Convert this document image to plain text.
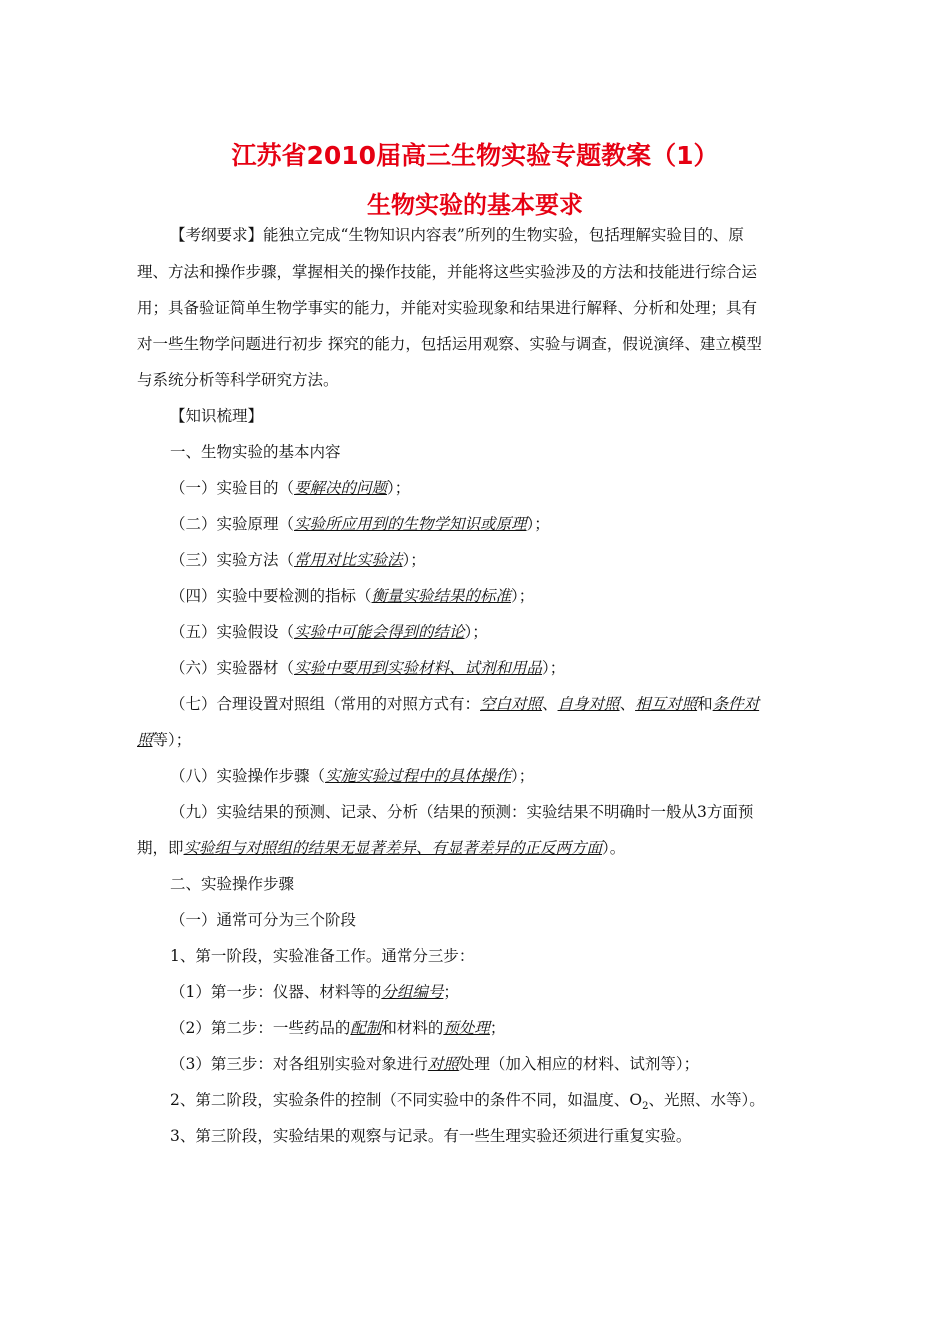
江苏省2010届高三生物实验专题教案（1）
生物实验的基本要求
【考纲要求】能独立完成“生物知识内容表”所列的生物实验，包括理解实验目的、原
理、方法和操作步骤，掌握相关的操作技能，并能将这些实验涉及的方法和技能进行综合运
用；具备验证简单生物学事实的能力，并能对实验现象和结果进行解释、分析和处理；具有
对一些生物学问题进行初步 探究的能力，包括运用观察、实验与调查，假说演绎、建立模型
与系统分析等科学研究方法。
【知识梳理】
一、生物实验的基本内容
（一）实验目的（要解决的问题）；
（二）实验原理（实验所应用到的生物学知识或原理）；
（三）实验方法（常用对比实验法）；
（四）实验中要检测的指标（衡量实验结果的标准）；
（五）实验假设（实验中可能会得到的结论）；
（六）实验器材（实验中要用到实验材料、试剂和用品）；
（七）合理设置对照组（常用的对照方式有：空白对照、自身对照、相互对照和条件对
照等）；
（八）实验操作步骤（实施实验过程中的具体操作）；
（九）实验结果的预测、记录、分析（结果的预测：实验结果不明确时一般从3方面预
期，即实验组与对照组的结果无显著差异、有显著差异的正反两方面）。
二、实验操作步骤
（一）通常可分为三个阶段
1、第一阶段，实验准备工作。通常分三步：
（1）第一步：仪器、材料等的分组编号；
（2）第二步：一些药品的配制和材料的预处理；
（3）第三步：对各组别实验对象进行对照处理（加入相应的材料、试剂等）；
2、第二阶段，实验条件的控制（不同实验中的条件不同，如温度、$O_2$、光照、水等）。
3、第三阶段，实验结果的观察与记录。有一些生理实验还须进行重复实验。
